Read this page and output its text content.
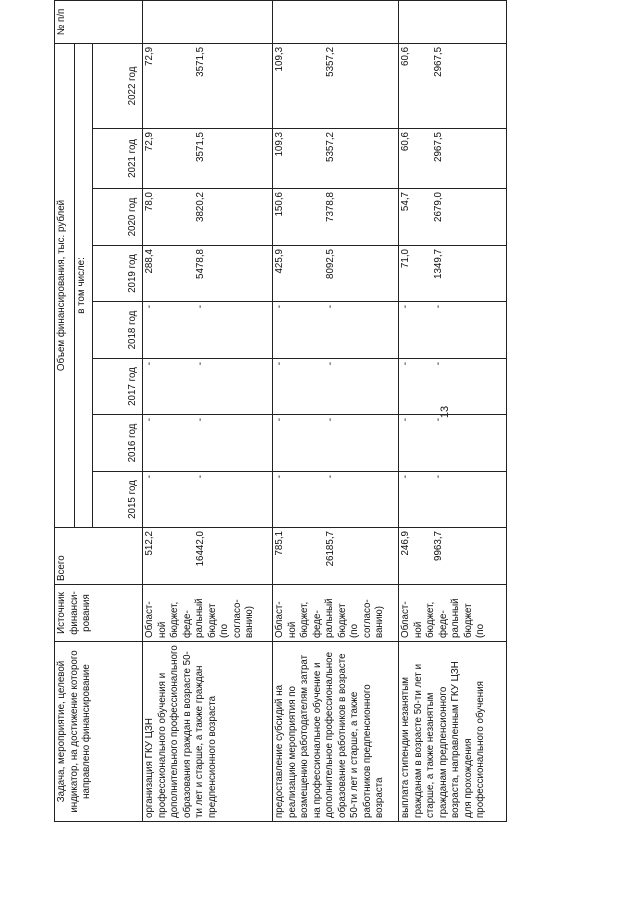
13
Задача, мероприятие, целевой индикатор, на достижение которого направлено финансирование	Источник финанси-рования	Всего	Объем финансирования, тыс. рублей								№ п/п
			в том числе:								
			2015 год	2016 год	2017 год	2018 год	2019 год	2020 год	2021 год	2022 год	
организация ГКУ ЦЗН профессионального обучения и дополнительного профессионального образования граждан в возрасте 50-ти лет и старше, а также граждан предпенсионного возраста	Област-ной бюджет, феде-ральный бюджет (по согласо-ванию)	512,2 16442,0	- -	- -	- -	- -	288,4 5478,8	78,0 3820,2	72,9 3571,5	72,9 3571,5	

предоставление субсидий на реализацию мероприятия по возмещению работодателям затрат на профессиональное обучение и дополнительное профессиональное образование работников в возрасте 50-ти лет и старше, а также работников предпенсионного возраста	Област-ной бюджет, феде-ральный бюджет (по согласо-ванию)	785,1 26185,7	- -	- -	- -	- -	425,9 8092,5	150,6 7378,8	109,3 5357,2	109,3 5357,2	

выплата стипендии незанятым гражданам в возрасте 50-ти лет и старше, а также незанятым гражданам предпенсионного возраста, направленным ГКУ ЦЗН для прохождения профессионального обучения	Област-ной бюджет, феде-ральный бюджет (по	246,9 9963,7	- -	- -	- -	- -	71,0 1349,7	54,7 2679,0	60,6 2967,5	60,6 2967,5	
